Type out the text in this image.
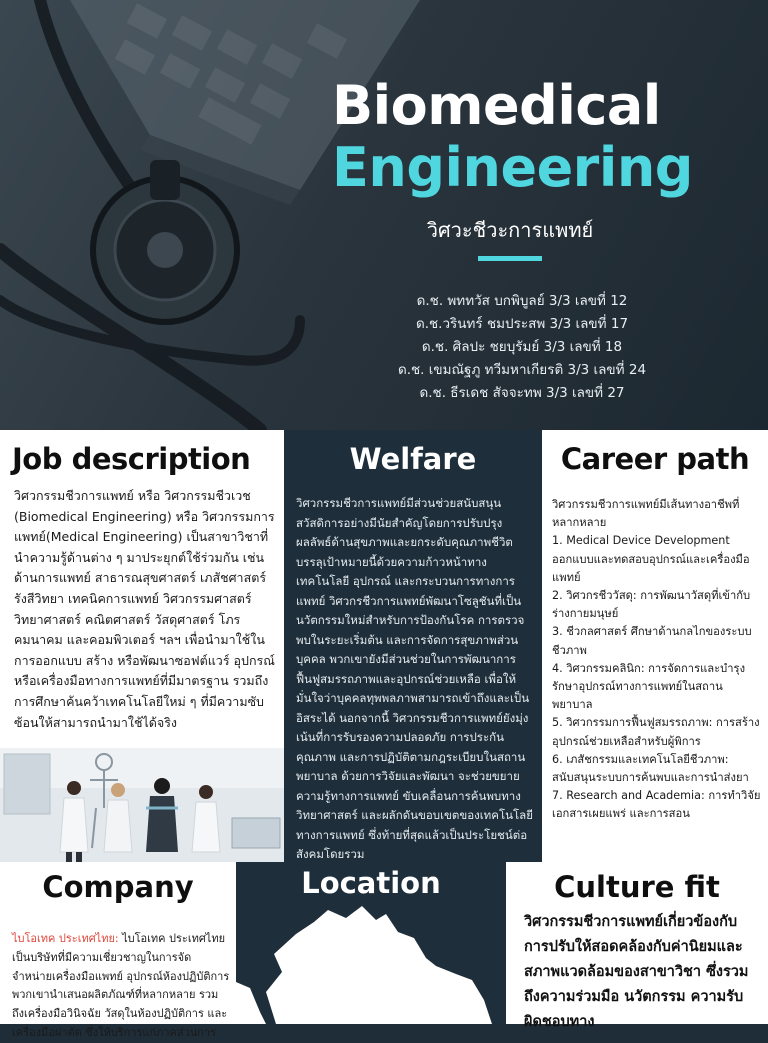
Biomedical
Engineering
วิศวะชีวะการแพทย์
ด.ช. พททวัส บกพิบูลย์ 3/3 เลขที่ 12
ด.ช.วรินทร์ ชมประสพ 3/3 เลขที่ 17
ด.ช. ศิลปะ ชยบุรัมย์ 3/3 เลขที่ 18
ด.ช. เขมณัฐภู ทวีมหาเกียรติ 3/3 เลขที่ 24
ด.ช. ธีรเดช สัจจะทพ 3/3 เลขที่ 27
Job description

วิศวกรรมชีวการแพทย์ หรือ วิศวกรรมชีวเวช (Biomedical Engineering) หรือ วิศวกรรมการแพทย์(Medical Engineering) เป็นสาขาวิชาที่นำความรู้ด้านต่าง ๆ มาประยุกต์ใช้ร่วมกัน เช่น ด้านการแพทย์ สาธารณสุขศาสตร์ เภสัชศาสตร์ รังสีวิทยา เทคนิคการแพทย์ วิศวกรรมศาสตร์ วิทยาศาสตร์ คณิตศาสตร์ วัสดุศาสตร์ โภรคมนาคม และคอมพิวเตอร์ ฯลฯ เพื่อนำมาใช้ในการออกแบบ สร้าง หรือพัฒนาซอฟต์แวร์ อุปกรณ์ หรือเครื่องมือทางการแพทย์ที่มีมาตรฐาน รวมถึงการศึกษาค้นคว้าเทคโนโลยีใหม่ ๆ ที่มีความซับซ้อนให้สามารถนำมาใช้ได้จริง

Welfare

วิศวกรรมชีวการแพทย์มีส่วนช่วยสนับสนุนสวัสดิการอย่างมีนัยสำคัญโดยการปรับปรุงผลลัพธ์ด้านสุขภาพและยกระดับคุณภาพชีวิต บรรลุเป้าหมายนี้ด้วยความก้าวหน้าทางเทคโนโลยี อุปกรณ์ และกระบวนการทางการแพทย์ วิศวกรชีวการแพทย์พัฒนาโซลูชันที่เป็นนวัตกรรมใหม่สำหรับการป้องกันโรค การตรวจพบในระยะเริ่มต้น และการจัดการสุขภาพส่วนบุคคล พวกเขายังมีส่วนช่วยในการพัฒนาการฟื้นฟูสมรรถภาพและอุปกรณ์ช่วยเหลือ เพื่อให้มั่นใจว่าบุคคลทุพพลภาพสามารถเข้าถึงและเป็นอิสระได้ นอกจากนี้ วิศวกรรมชีวการแพทย์ยังมุ่งเน้นที่การรับรองความปลอดภัย การประกันคุณภาพ และการปฏิบัติตามกฎระเบียบในสถานพยาบาล ด้วยการวิจัยและพัฒนา จะช่วยขยายความรู้ทางการแพทย์ ขับเคลื่อนการค้นพบทางวิทยาศาสตร์ และผลักดันขอบเขตของเทคโนโลยีทางการแพทย์ ซึ่งท้ายที่สุดแล้วเป็นประโยชน์ต่อสังคมโดยรวม

Career path
วิศวกรรมชีวการแพทย์มีเส้นทางอาชีพที่หลากหลาย
1. Medical Device Development ออกแบบและทดสอบอุปกรณ์และเครื่องมือแพทย์
2. วิศวกรชีววัสดุ: การพัฒนาวัสดุที่เข้ากับร่างกายมนุษย์
3. ชีวกลศาสตร์ ศึกษาด้านกลไกของระบบชีวภาพ
4. วิศวกรรมคลินิก: การจัดการและบำรุงรักษาอุปกรณ์ทางการแพทย์ในสถานพยาบาล
5. วิศวกรรมการฟื้นฟูสมรรถภาพ: การสร้างอุปกรณ์ช่วยเหลือสำหรับผู้พิการ
6. เภสัชกรรมและเทคโนโลยีชีวภาพ: สนับสนุนระบบการค้นพบและการนำส่งยา
7. Research and Academia: การทำวิจัย เอกสารเผยแพร่ และการสอน
Company

ไบโอเทค ประเทศไทย: ไบโอเทค ประเทศไทย เป็นบริษัทที่มีความเชี่ยวชาญในการจัดจำหน่ายเครื่องมือแพทย์ อุปกรณ์ห้องปฏิบัติการ พวกเขานำเสนอผลิตภัณฑ์ที่หลากหลาย รวมถึงเครื่องมือวินิจฉัย วัสดุในห้องปฏิบัติการ และเครื่องมือผ่าตัด ซึ่งให้บริการแก่ภาคส่วนการ

Location	Culture fit

วิศวกรรมชีวการแพทย์เกี่ยวข้องกับการปรับให้สอดคล้องกับค่านิยมและสภาพแวดล้อมของสาขาวิชา ซึ่งรวมถึงความร่วมมือ นวัตกรรม ความรับผิดชอบทาง
